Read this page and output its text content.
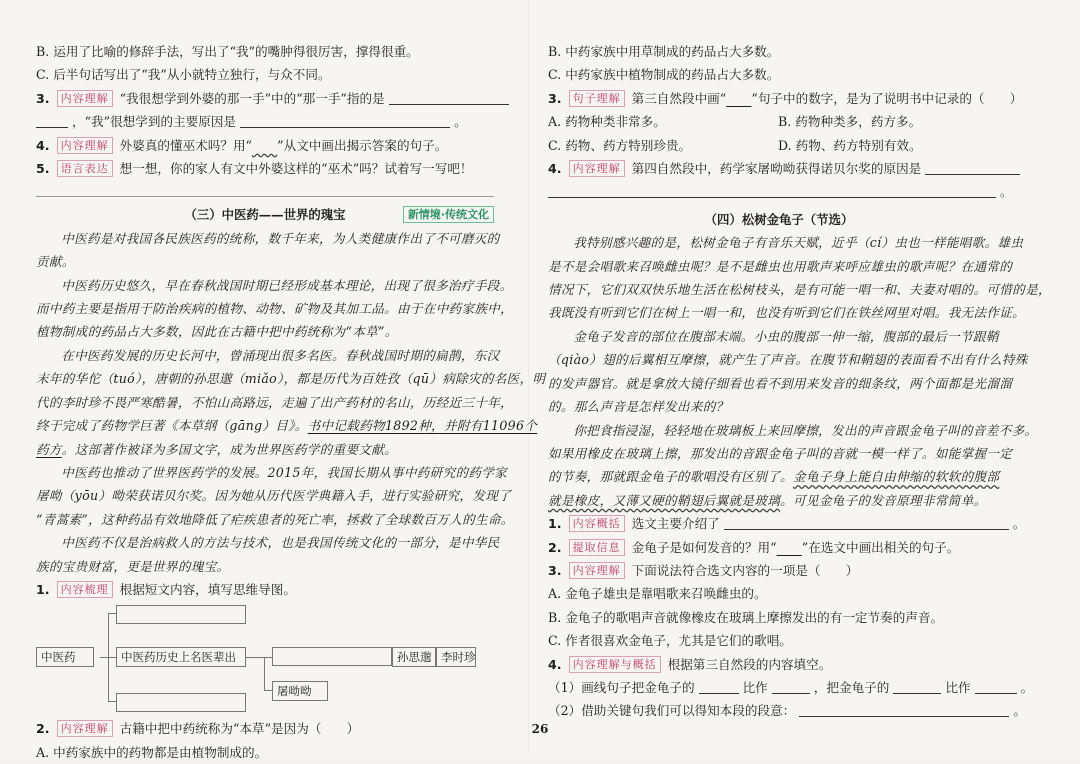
B. 运用了比喻的修辞手法，写出了“我”的嘴肿得很厉害，撑得很重。
C. 后半句话写出了“我”从小就特立独行，与众不同。
3. 内容理解 “我很想学到外婆的那一手”中的“那一手”指的是
，“我”很想学到的主要原因是	。
4. 内容理解 外婆真的懂巫术吗？用“　　 ”从文中画出揭示答案的句子。
5. 语言表达 想一想，你的家人有文中外婆这样的“巫术”吗？试着写一写吧！
（三）中医药——世界的瑰宝	新情境·传统文化
中医药是对我国各民族医药的统称，数千年来，为人类健康作出了不可磨灭的
贡献。
中医药历史悠久，早在春秋战国时期已经形成基本理论，出现了很多治疗手段。
而中药主要是指用于防治疾病的植物、动物、矿物及其加工品。由于在中药家族中，
植物制成的药品占大多数，因此在古籍中把中药统称为“本草”。
在中医药发展的历史长河中，曾涌现出很多名医。春秋战国时期的扁鹊，东汉
末年的华佗（tuó），唐朝的孙思邈（miǎo），都是历代为百姓孜（qū）病除灾的名医，明
代的李时珍不畏严寒酷暑，不怕山高路远，走遍了出产药材的名山，历经近三十年，
终于完成了药物学巨著《本草纲（gāng）目》。书中记载药物1892种，并附有11096个
药方。这部著作被译为多国文字，成为世界医药学的重要文献。
中医药也推动了世界医药学的发展。2015年，我国长期从事中药研究的药学家
屠呦（yōu）呦荣获诺贝尔奖。因为她从历代医学典籍入手，进行实验研究，发现了
“青蒿素”，这种药品有效地降低了疟疾患者的死亡率，拯救了全球数百万人的生命。
中医药不仅是治病救人的方法与技术，也是我国传统文化的一部分，是中华民
族的宝贵财富，更是世界的瑰宝。
1. 内容梳理 根据短文内容，填写思维导图。
中医药	中医药历史上名医辈出	孙思邈 李时珍
屠呦呦
2. 内容理解 古籍中把中药统称为“本草”是因为（　　）
A. 中药家族中的药物都是由植物制成的。
B. 中药家族中用草制成的药品占大多数。
C. 中药家族中植物制成的药品占大多数。
3. 句子理解 第三自然段中画“　　 ”句子中的数字，是为了说明书中记录的（　　）
A. 药物种类非常多。	B. 药物种类多，药方多。
C. 药物、药方特别珍贵。	D. 药物、药方特别有效。
4. 内容理解 第四自然段中，药学家屠呦呦获得诺贝尔奖的原因是
。
（四）松树金龟子（节选）
我特别感兴趣的是，松树金龟子有音乐天赋，近乎（cí）虫也一样能唱歌。雄虫
是不是会唱歌来召唤雌虫呢？是不是雌虫也用歌声来呼应雄虫的歌声呢？在通常的
情况下，它们双双快乐地生活在松树枝头，是有可能一唱一和、夫妻对唱的。可惜的是，
我既没有听到它们在树上一唱一和，也没有听到它们在铁丝网里对唱。我无法作证。
金龟子发音的部位在腹部末端。小虫的腹部一伸一缩，腹部的最后一节跟鞘
（qiào）翅的后翼相互摩擦，就产生了声音。在腹节和鞘翅的表面看不出有什么特殊
的发声器官。就是拿放大镜仔细看也看不到用来发音的细条纹，两个面都是光溜溜
的。那么声音是怎样发出来的？
你把食指浸湿，轻轻地在玻璃板上来回摩擦，发出的声音跟金龟子叫的音差不多。
如果用橡皮在玻璃上擦，那发出的音跟金龟子叫的音就一模一样了。如能掌握一定
的节奏，那就跟金龟子的歌唱没有区别了。金龟子身上能自由伸缩的软软的腹部
就是橡皮，又薄又硬的鞘翅后翼就是玻璃。可见金龟子的发音原理非常简单。
1. 内容概括 选文主要介绍了	。
2. 提取信息 金龟子是如何发音的？用“　　 ”在选文中画出相关的句子。
3. 内容理解 下面说法符合选文内容的一项是（　　）
A. 金龟子雄虫是靠唱歌来召唤雌虫的。
B. 金龟子的歌唱声音就像橡皮在玻璃上摩擦发出的有一定节奏的声音。
C. 作者很喜欢金龟子，尤其是它们的歌唱。
4. 内容理解与概括 根据第三自然段的内容填空。
（1）画线句子把金龟子的	比作	，把金龟子的	比作	。
（2）借助关键句我们可以得知本段的段意：	。
26
